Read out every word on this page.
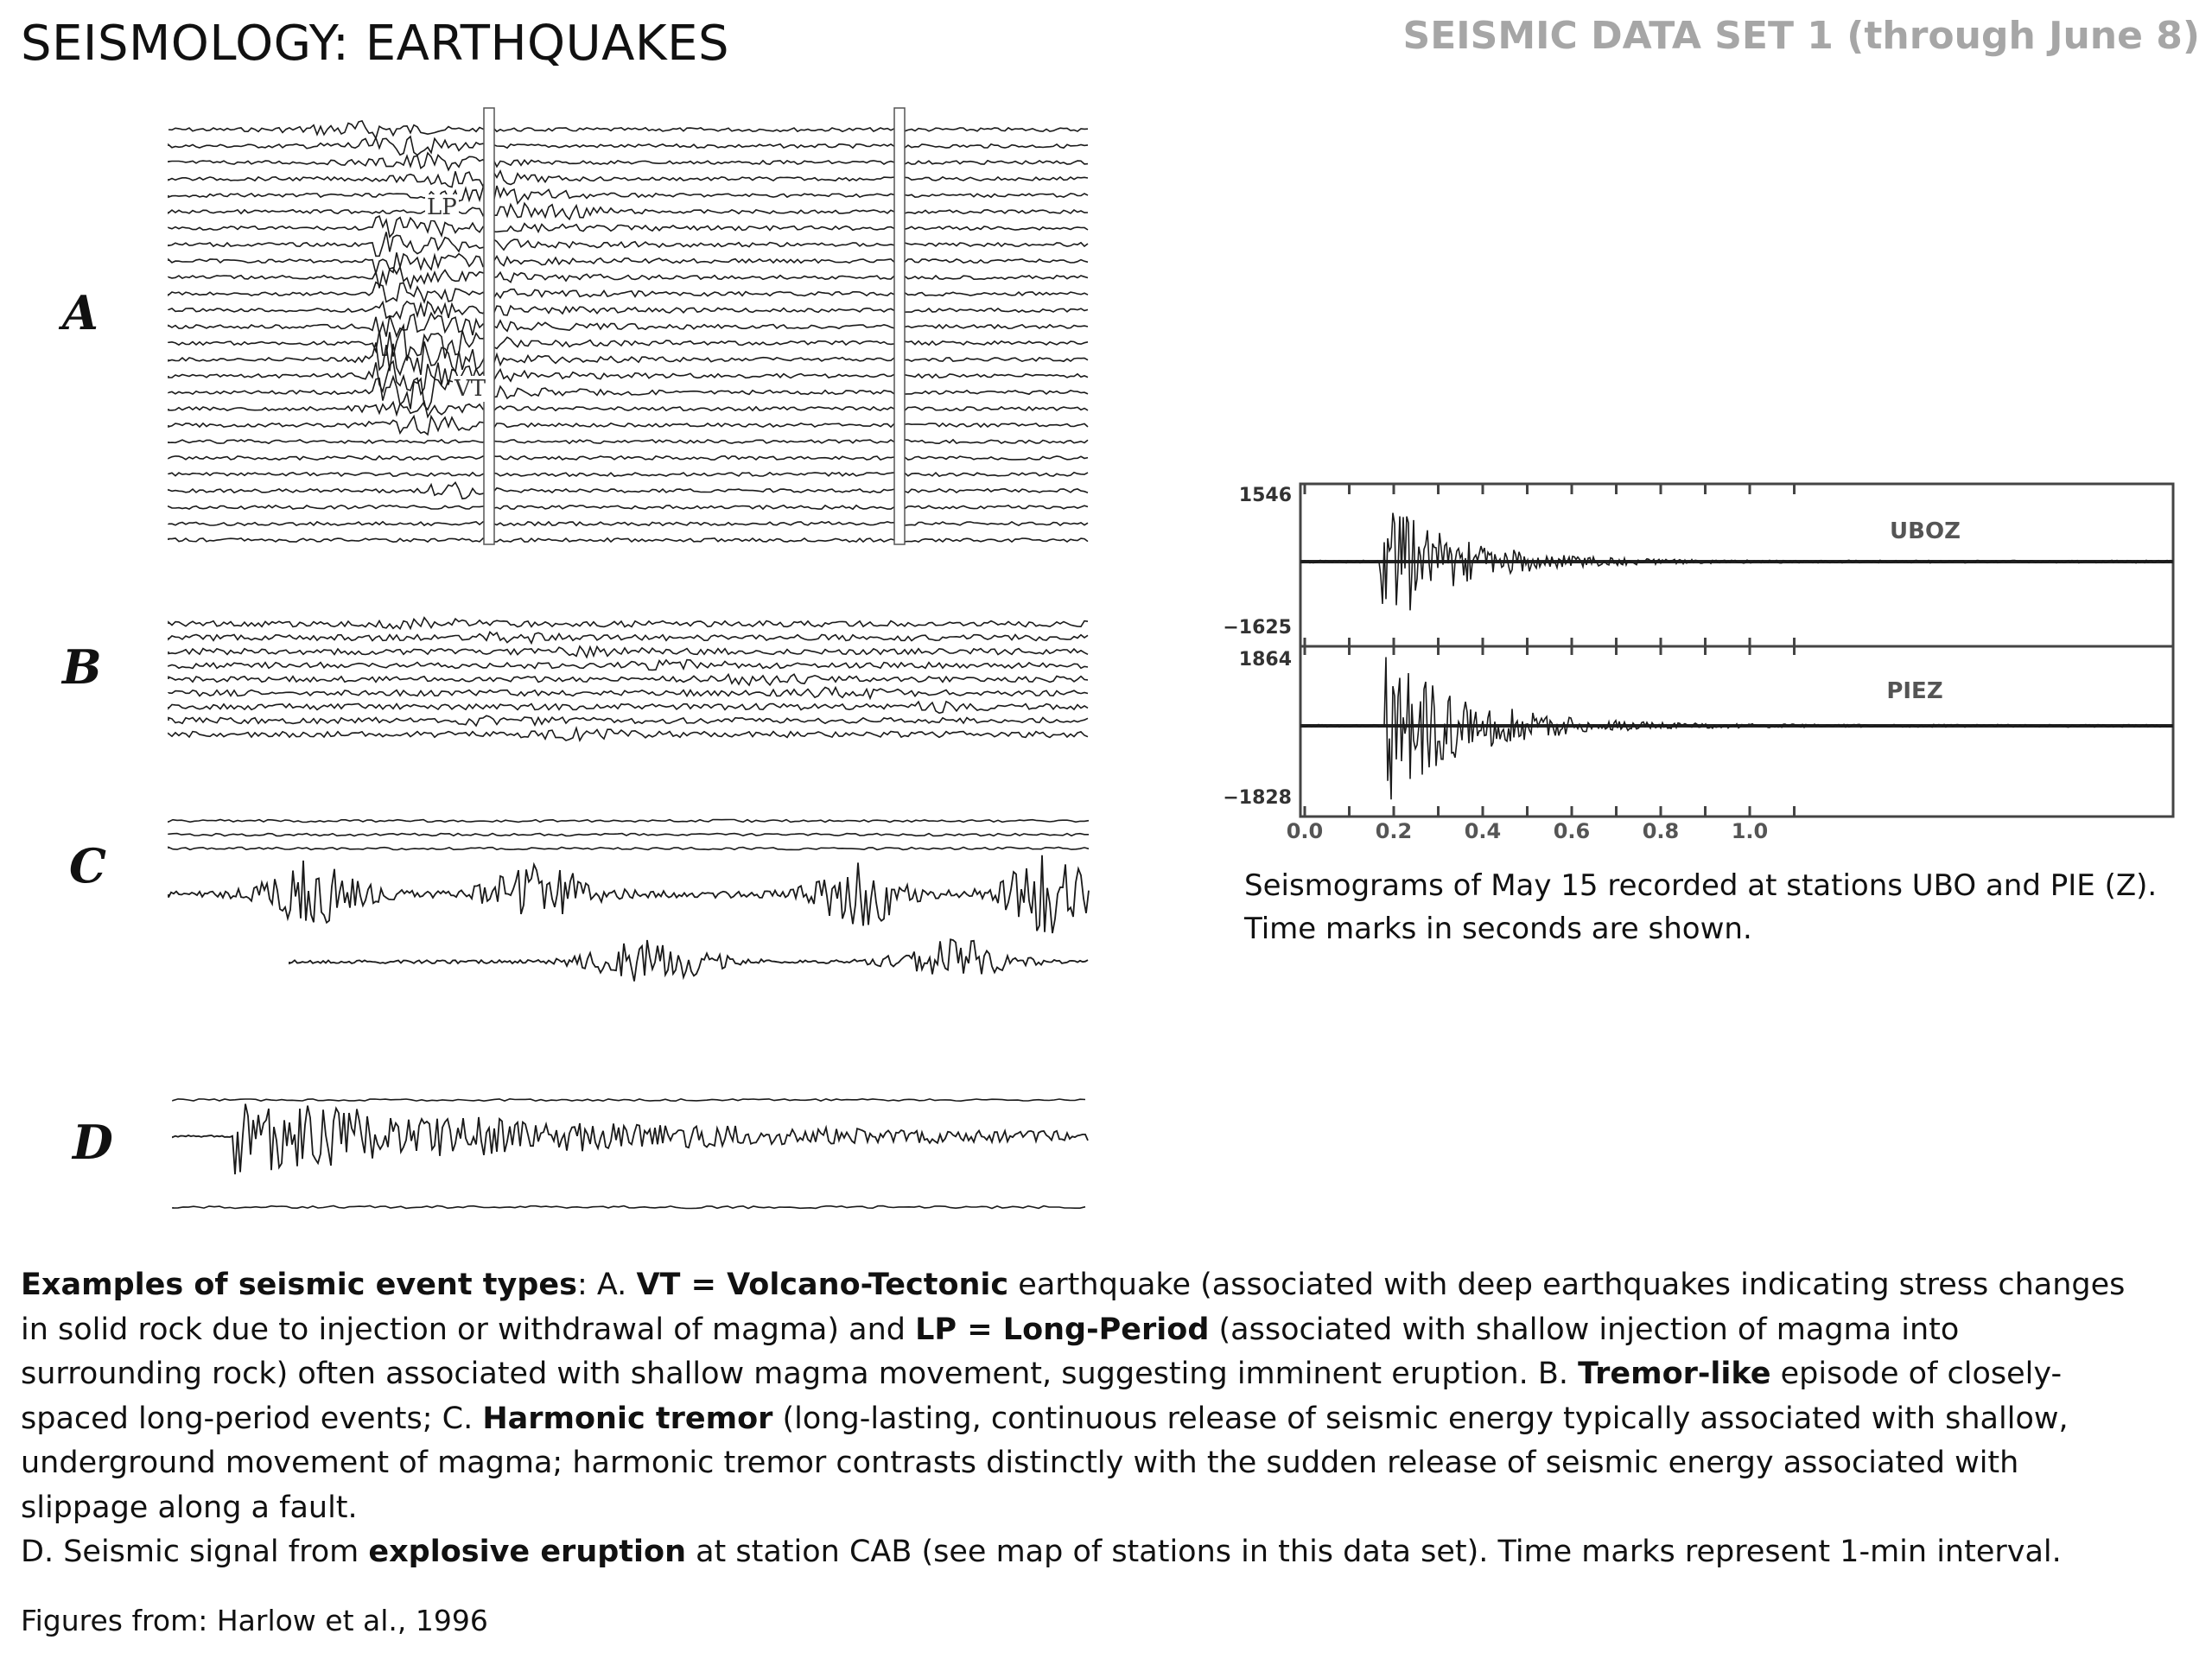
SEISMOLOGY: EARTHQUAKES	SEISMIC DATA SET 1 (through June 8)
A
LP
VT
B
C
D
1546
−1625
1864
−1828
UBOZ
PIEZ
0.0	0.2	0.4	0.6	0.8	1.0
Seismograms of May 15 recorded at stations UBO and PIE (Z).
Time marks in seconds are shown.
Examples of seismic event types: A. VT = Volcano-Tectonic earthquake (associated with deep earthquakes indicating stress changes in solid rock due to injection or withdrawal of magma) and LP = Long-Period (associated with shallow injection of magma into surrounding rock) often associated with shallow magma movement, suggesting imminent eruption. B. Tremor-like episode of closely-spaced long-period events; C. Harmonic tremor (long-lasting, continuous release of seismic energy typically associated with shallow, underground movement of magma; harmonic tremor contrasts distinctly with the sudden release of seismic energy associated with slippage along a fault.
D. Seismic signal from explosive eruption at station CAB (see map of stations in this data set). Time marks represent 1-min interval.
Figures from: Harlow et al., 1996
